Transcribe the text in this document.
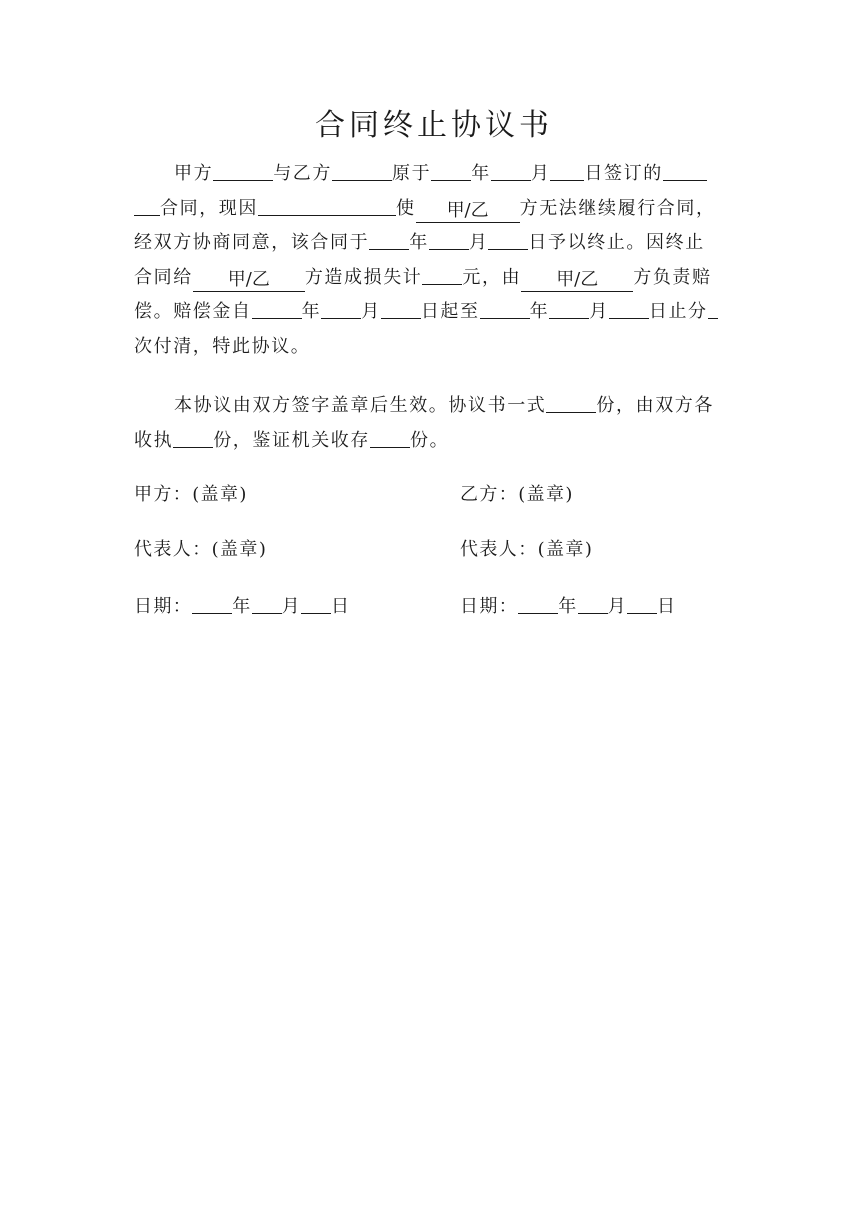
合同终止协议书
甲方	与乙方	原于 年 月 日签订的
合同，现因	使 甲/乙 方无法继续履行合同，
经双方协商同意，该合同于 年 月 日予以终止。因终止
合同给 甲/乙 方造成损失计 元，由 甲/乙 方负责赔
偿。赔偿金自	年 月 日起至	年 月 日止分
次付清，特此协议。
本协议由双方签字盖章后生效。协议书一式	份，由双方各
收执 份，鉴证机关收存 份。
甲方：(盖章)	乙方：(盖章)
代表人：(盖章)	代表人：(盖章)
日期： 年 月 日	日期： 年 月 日
